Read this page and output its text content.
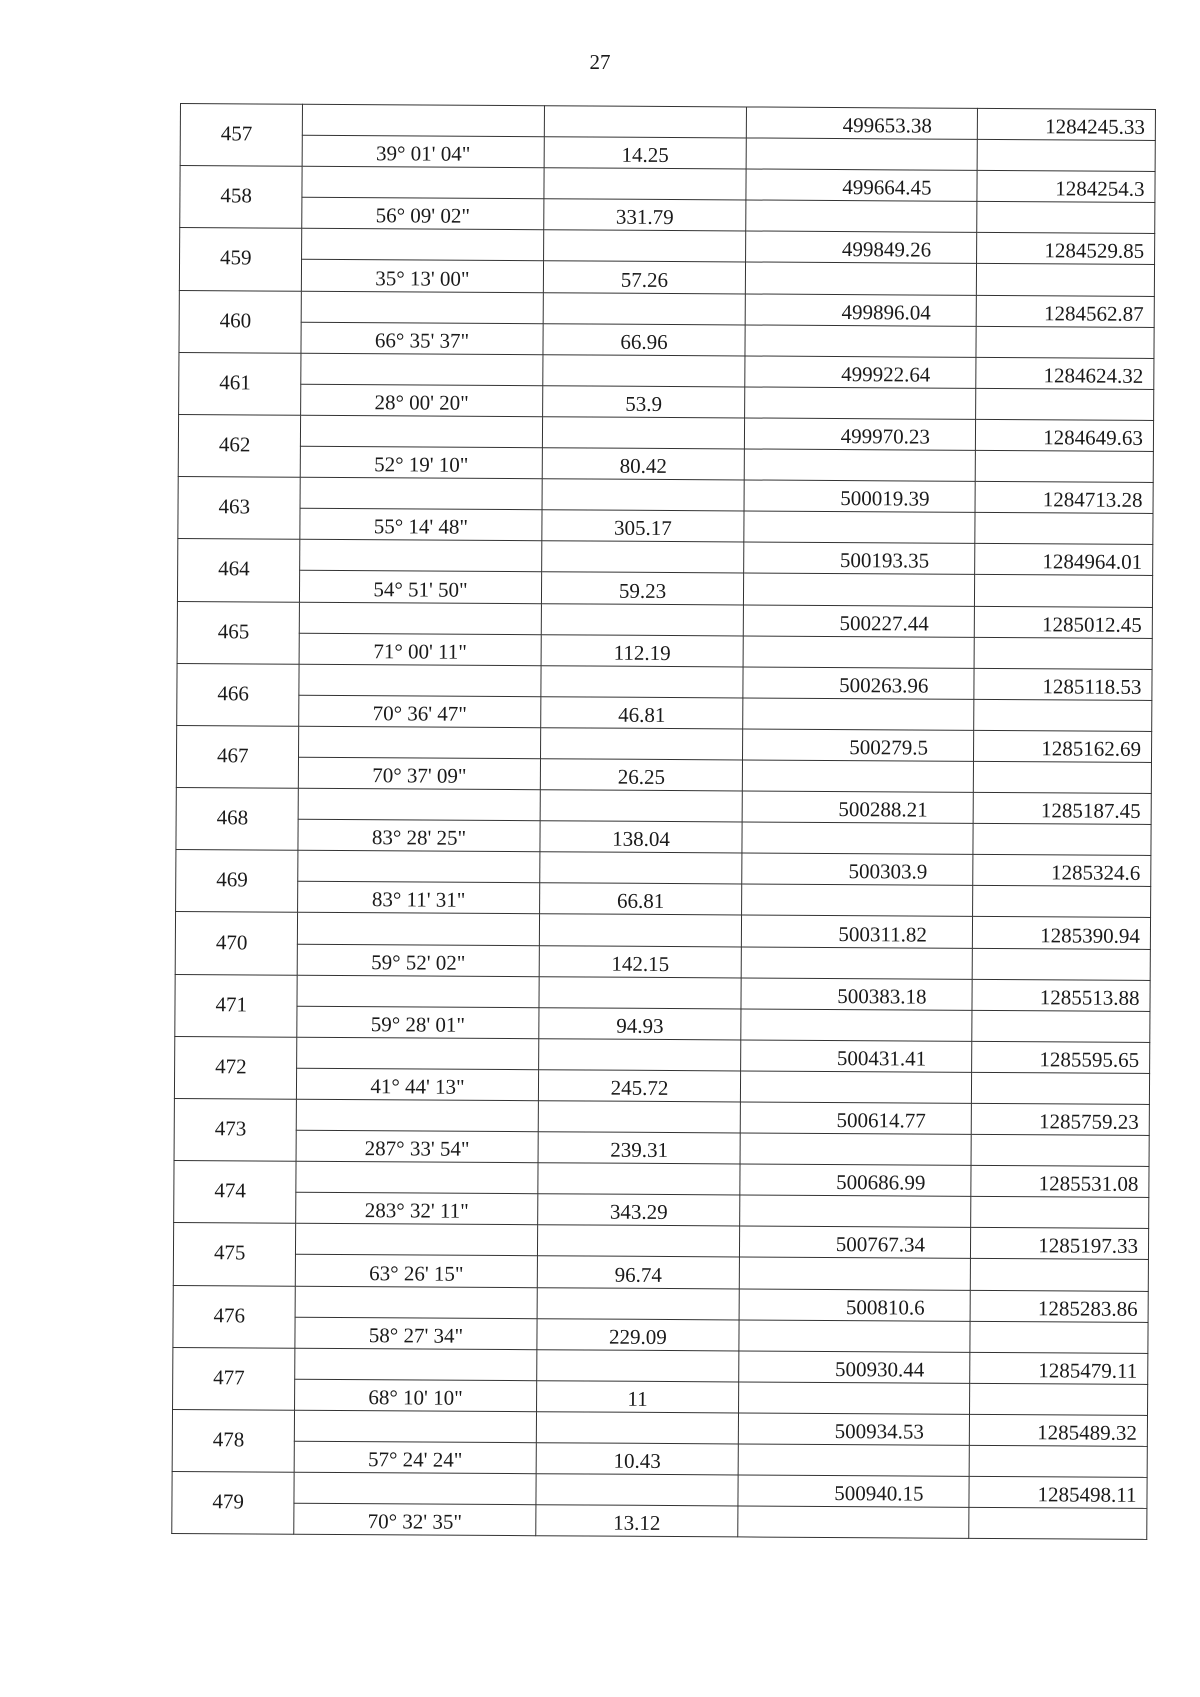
27
457			499653.38	1284245.33
	39° 01' 04"	14.25		
458			499664.45	1284254.3
	56° 09' 02"	331.79		
459			499849.26	1284529.85
	35° 13' 00"	57.26		
460			499896.04	1284562.87
	66° 35' 37"	66.96		
461			499922.64	1284624.32
	28° 00' 20"	53.9		
462			499970.23	1284649.63
	52° 19' 10"	80.42		
463			500019.39	1284713.28
	55° 14' 48"	305.17		
464			500193.35	1284964.01
	54° 51' 50"	59.23		
465			500227.44	1285012.45
	71° 00' 11"	112.19		
466			500263.96	1285118.53
	70° 36' 47"	46.81		
467			500279.5	1285162.69
	70° 37' 09"	26.25		
468			500288.21	1285187.45
	83° 28' 25"	138.04		
469			500303.9	1285324.6
	83° 11' 31"	66.81		
470			500311.82	1285390.94
	59° 52' 02"	142.15		
471			500383.18	1285513.88
	59° 28' 01"	94.93		
472			500431.41	1285595.65
	41° 44' 13"	245.72		
473			500614.77	1285759.23
	287° 33' 54"	239.31		
474			500686.99	1285531.08
	283° 32' 11"	343.29		
475			500767.34	1285197.33
	63° 26' 15"	96.74		
476			500810.6	1285283.86
	58° 27' 34"	229.09		
477			500930.44	1285479.11
	68° 10' 10"	11		
478			500934.53	1285489.32
	57° 24' 24"	10.43		
479			500940.15	1285498.11
	70° 32' 35"	13.12		
